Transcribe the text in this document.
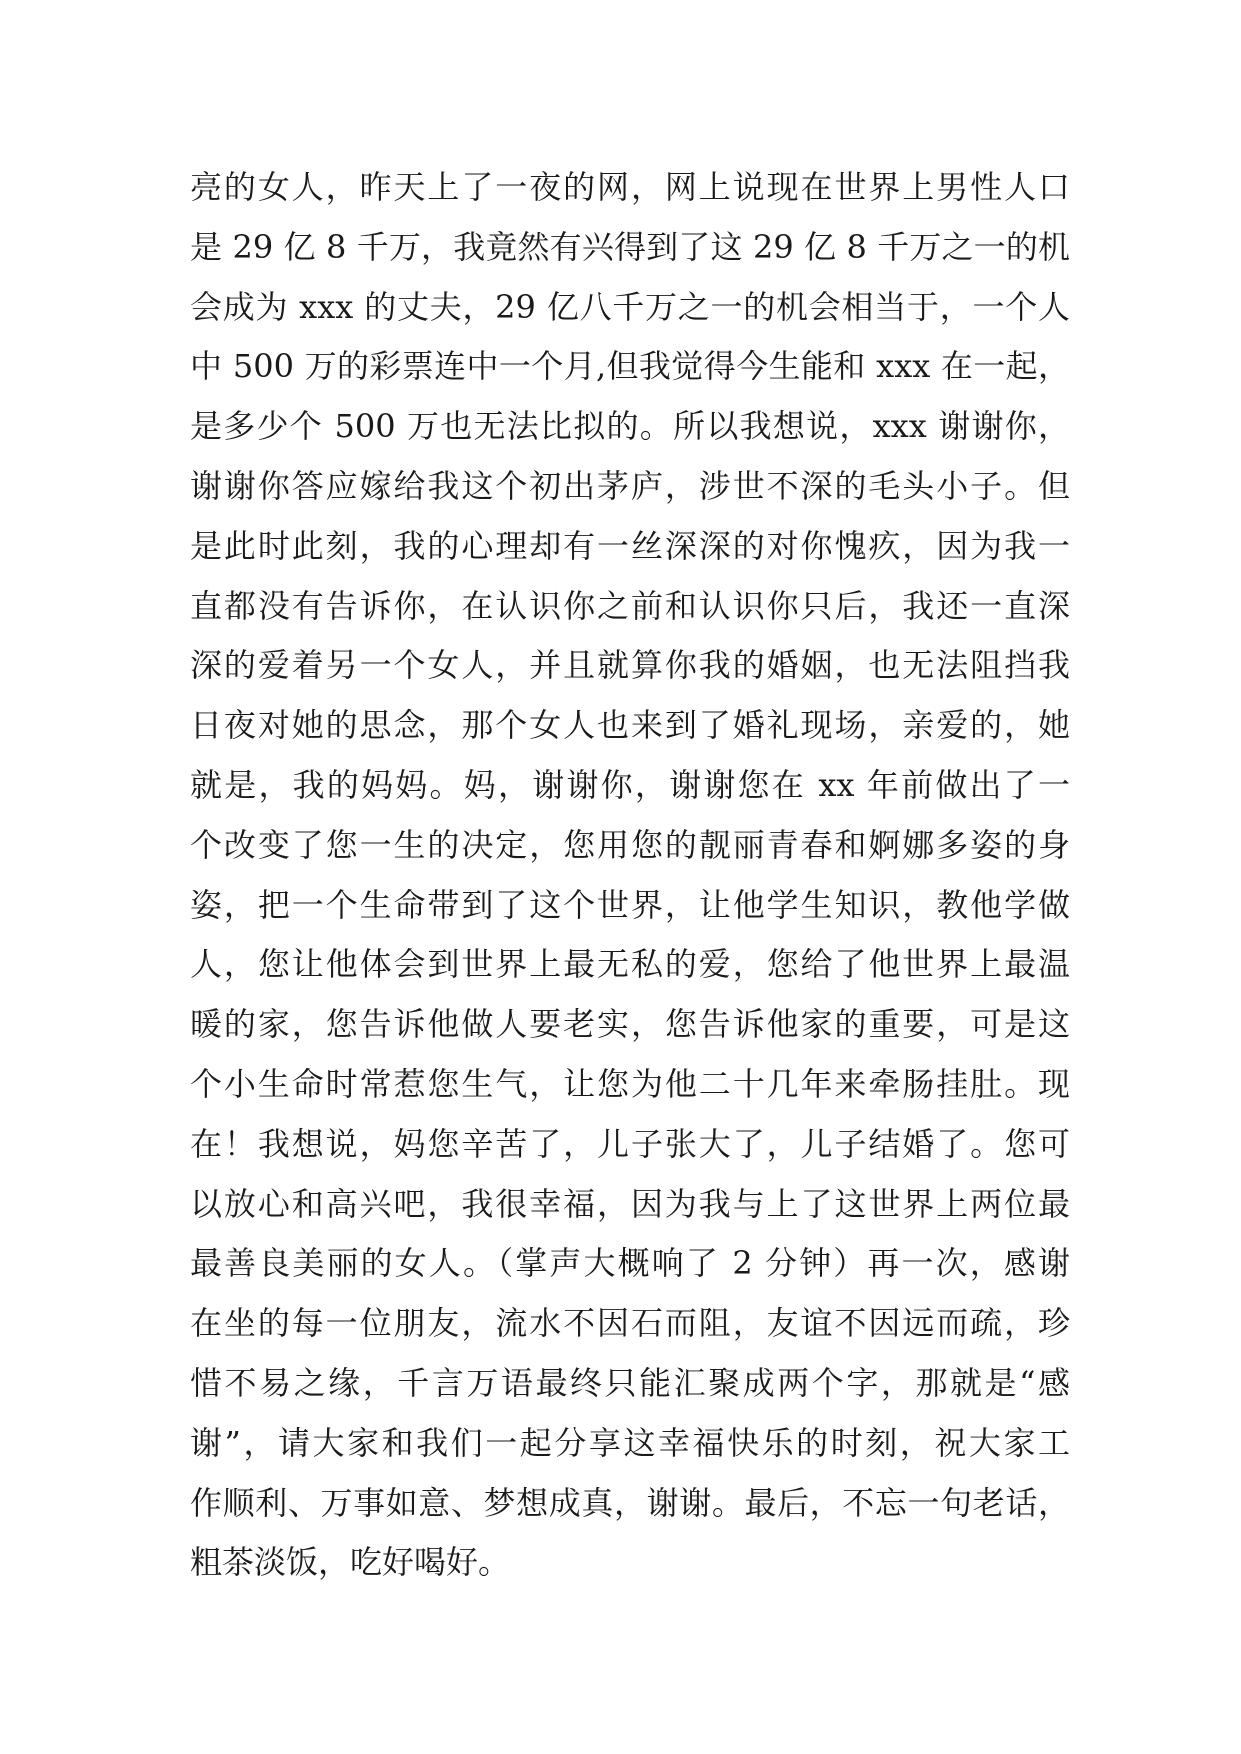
亮的女人，昨天上了一夜的网，网上说现在世界上男性人口
是 29 亿 8 千万，我竟然有兴得到了这 29 亿 8 千万之一的机
会成为 xxx 的丈夫，29 亿八千万之一的机会相当于，一个人
中 500 万的彩票连中一个月,但我觉得今生能和 xxx 在一起，
是多少个 500 万也无法比拟的。所以我想说，xxx 谢谢你，
谢谢你答应嫁给我这个初出茅庐，涉世不深的毛头小子。但
是此时此刻，我的心理却有一丝深深的对你愧疚，因为我一
直都没有告诉你，在认识你之前和认识你只后，我还一直深
深的爱着另一个女人，并且就算你我的婚姻，也无法阻挡我
日夜对她的思念，那个女人也来到了婚礼现场，亲爱的，她
就是，我的妈妈。妈，谢谢你，谢谢您在 xx 年前做出了一
个改变了您一生的决定，您用您的靓丽青春和婀娜多姿的身
姿，把一个生命带到了这个世界，让他学生知识，教他学做
人，您让他体会到世界上最无私的爱，您给了他世界上最温
暖的家，您告诉他做人要老实，您告诉他家的重要，可是这
个小生命时常惹您生气，让您为他二十几年来牵肠挂肚。现
在！我想说，妈您辛苦了，儿子张大了，儿子结婚了。您可
以放心和高兴吧，我很幸福，因为我与上了这世界上两位最
最善良美丽的女人。（掌声大概响了 2 分钟）再一次，感谢
在坐的每一位朋友，流水不因石而阻，友谊不因远而疏，珍
惜不易之缘，千言万语最终只能汇聚成两个字，那就是“感
谢”，请大家和我们一起分享这幸福快乐的时刻，祝大家工
作顺利、万事如意、梦想成真，谢谢。最后，不忘一句老话，
粗茶淡饭，吃好喝好。
